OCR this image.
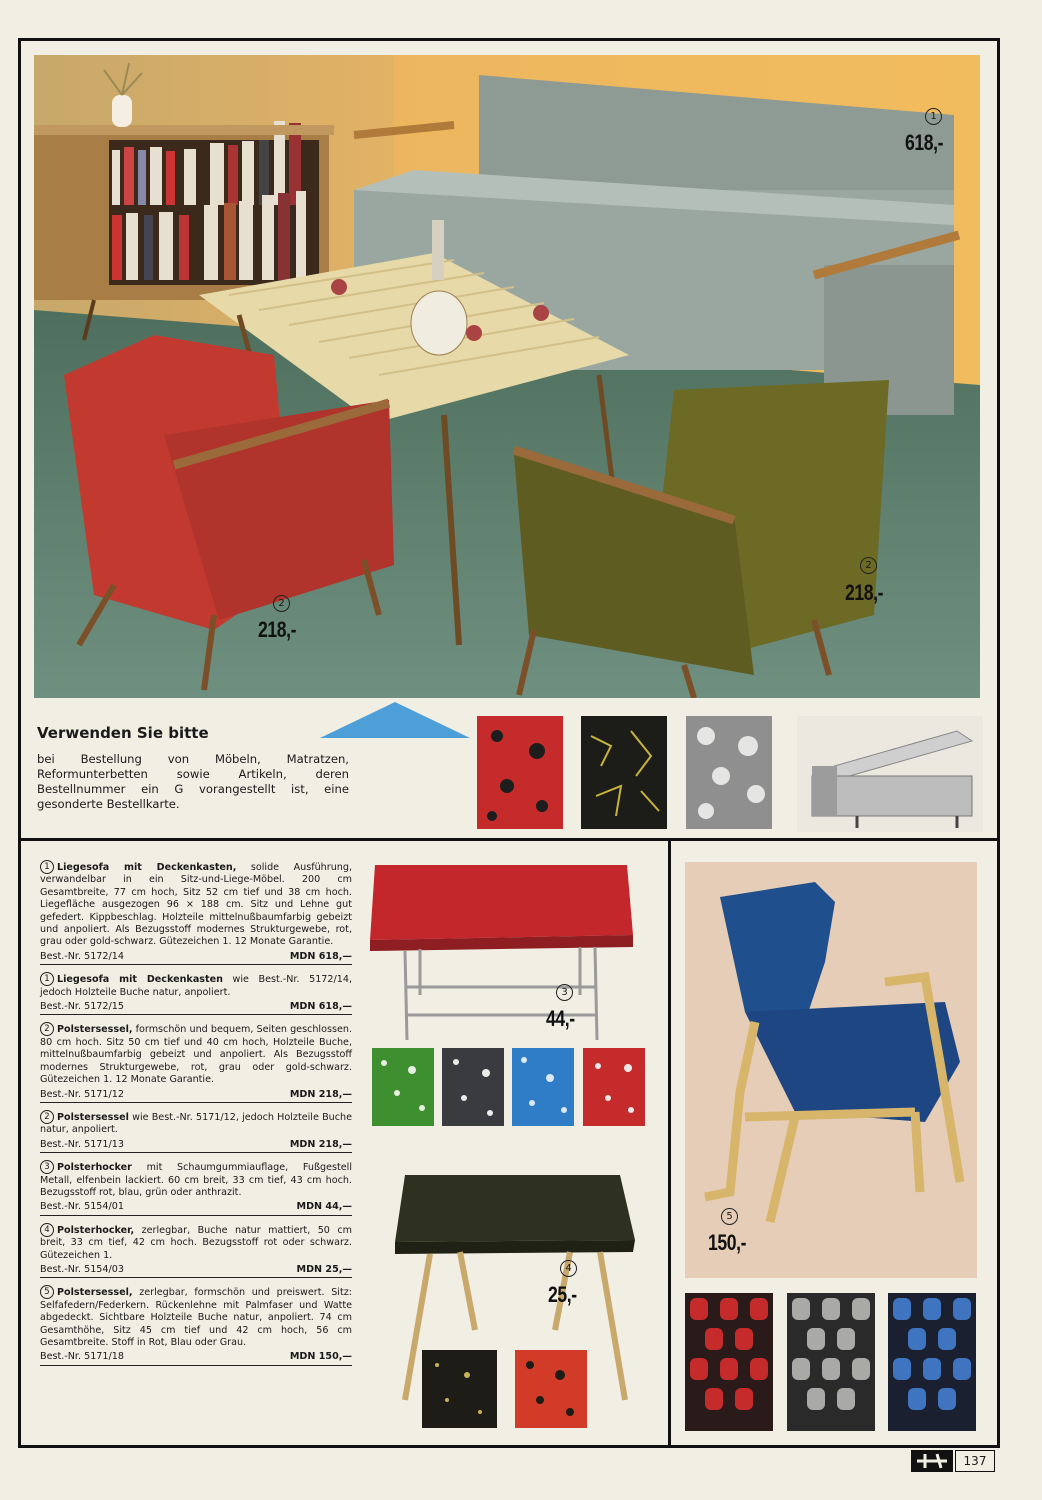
1
618,-
2
218,-
2
218,-
Verwenden Sie bitte
bei Bestellung von Möbeln, Matratzen, Reformunterbetten sowie Artikeln, deren Bestellnummer ein G vorangestellt ist, eine gesonderte Bestellkarte.
1 Liegesofa mit Deckenkasten, solide Ausführung, verwandelbar in ein Sitz-und-Liege-Möbel. 200 cm Gesamtbreite, 77 cm hoch, Sitz 52 cm tief und 38 cm hoch. Liegefläche ausgezogen 96 × 188 cm. Sitz und Lehne gut gefedert. Kippbeschlag. Holzteile mittelnußbaumfarbig gebeizt und anpoliert. Als Bezugsstoff modernes Strukturgewebe, rot, grau oder gold-schwarz. Gütezeichen 1. 12 Monate Garantie.
Best.-Nr. 5172/14	MDN 618,—
1 Liegesofa mit Deckenkasten wie Best.-Nr. 5172/14, jedoch Holzteile Buche natur, anpoliert.
Best.-Nr. 5172/15	MDN 618,—
2 Polstersessel, formschön und bequem, Seiten geschlossen. 80 cm hoch. Sitz 50 cm tief und 40 cm hoch, Holzteile Buche, mittelnußbaumfarbig gebeizt und anpoliert. Als Bezugsstoff modernes Strukturgewebe, rot, grau oder gold-schwarz. Gütezeichen 1. 12 Monate Garantie.
Best.-Nr. 5171/12	MDN 218,—
2 Polstersessel wie Best.-Nr. 5171/12, jedoch Holzteile Buche natur, anpoliert.
Best.-Nr. 5171/13	MDN 218,—
3 Polsterhocker mit Schaumgummiauflage, Fußgestell Metall, elfenbein lackiert. 60 cm breit, 33 cm tief, 43 cm hoch. Bezugsstoff rot, blau, grün oder anthrazit.
Best.-Nr. 5154/01	MDN 44,—
4 Polsterhocker, zerlegbar, Buche natur mattiert, 50 cm breit, 33 cm tief, 42 cm hoch. Bezugsstoff rot oder schwarz. Gütezeichen 1.
Best.-Nr. 5154/03	MDN 25,—
5 Polstersessel, zerlegbar, formschön und preiswert. Sitz: Selfafedern/Federkern. Rückenlehne mit Palmfaser und Watte abgedeckt. Sichtbare Holzteile Buche natur, anpoliert. 74 cm Gesamthöhe, Sitz 45 cm tief und 42 cm hoch, 56 cm Gesamtbreite. Stoff in Rot, Blau oder Grau.
Best.-Nr. 5171/18	MDN 150,—
3
44,-
4
25,-
5
150,-
137
